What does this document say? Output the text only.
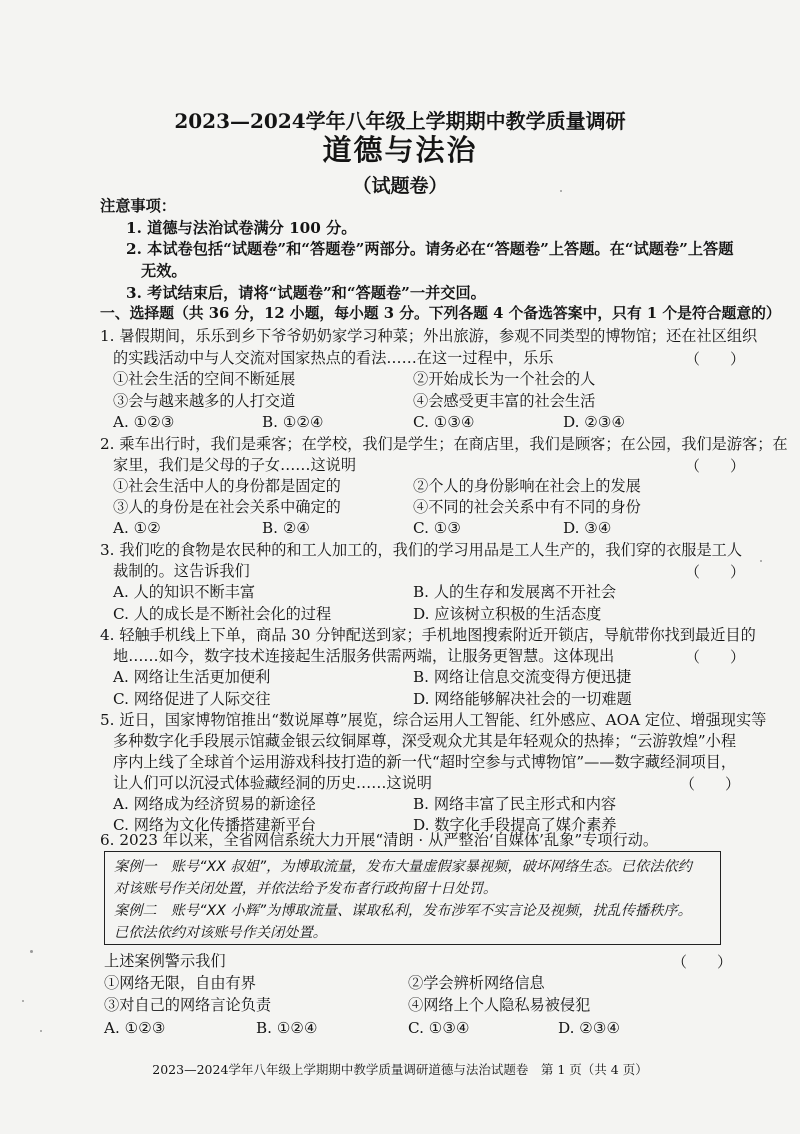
2023—2024学年八年级上学期期中教学质量调研
道德与法治
（试题卷）
注意事项：
1. 道德与法治试卷满分 100 分。
2. 本试卷包括“试题卷”和“答题卷”两部分。请务必在“答题卷”上答题。在“试题卷”上答题
无效。
3. 考试结束后，请将“试题卷”和“答题卷”一并交回。
一、选择题（共 36 分，12 小题，每小题 3 分。下列各题 4 个备选答案中，只有 1 个是符合题意的）
1. 暑假期间，乐乐到乡下爷爷奶奶家学习种菜；外出旅游，参观不同类型的博物馆；还在社区组织
的实践活动中与人交流对国家热点的看法……在这一过程中，乐乐	（　　）
①社会生活的空间不断延展	②开始成长为一个社会的人
③会与越来越多的人打交道	④会感受更丰富的社会生活
A. ①②③	B. ①②④	C. ①③④	D. ②③④
2. 乘车出行时，我们是乘客；在学校，我们是学生；在商店里，我们是顾客；在公园，我们是游客；在
家里，我们是父母的子女……这说明	（　　）
①社会生活中人的身份都是固定的	②个人的身份影响在社会上的发展
③人的身份是在社会关系中确定的	④不同的社会关系中有不同的身份
A. ①②	B. ②④	C. ①③	D. ③④
3. 我们吃的食物是农民种的和工人加工的，我们的学习用品是工人生产的，我们穿的衣服是工人
裁制的。这告诉我们	（　　）
A. 人的知识不断丰富	B. 人的生存和发展离不开社会
C. 人的成长是不断社会化的过程	D. 应该树立积极的生活态度
4. 轻触手机线上下单，商品 30 分钟配送到家；手机地图搜索附近开锁店，导航带你找到最近目的
地……如今，数字技术连接起生活服务供需两端，让服务更智慧。这体现出	（　　）
A. 网络让生活更加便利	B. 网络让信息交流变得方便迅捷
C. 网络促进了人际交往	D. 网络能够解决社会的一切难题
5. 近日，国家博物馆推出“数说犀尊”展览，综合运用人工智能、红外感应、AOA 定位、增强现实等
多种数字化手段展示馆藏金银云纹铜犀尊，深受观众尤其是年轻观众的热捧；“云游敦煌”小程
序内上线了全球首个运用游戏科技打造的新一代“超时空参与式博物馆”——数字藏经洞项目，
让人们可以沉浸式体验藏经洞的历史……这说明	（　　）
A. 网络成为经济贸易的新途径	B. 网络丰富了民主形式和内容
C. 网络为文化传播搭建新平台	D. 数字化手段提高了媒介素养
6. 2023 年以来，全省网信系统大力开展“清朗 · 从严整治‘自媒体’乱象”专项行动。
案例一　账号“XX 叔姐”，为博取流量，发布大量虚假家暴视频，破坏网络生态。已依法依约
对该账号作关闭处置，并依法给予发布者行政拘留十日处罚。
案例二　账号“XX 小辉”为博取流量、谋取私利，发布涉军不实言论及视频，扰乱传播秩序。
已依法依约对该账号作关闭处置。
上述案例警示我们	（　　）
①网络无限，自由有界	②学会辨析网络信息
③对自己的网络言论负责	④网络上个人隐私易被侵犯
A. ①②③	B. ①②④	C. ①③④	D. ②③④
2023—2024学年八年级上学期期中教学质量调研道德与法治试题卷　第 1 页（共 4 页）
